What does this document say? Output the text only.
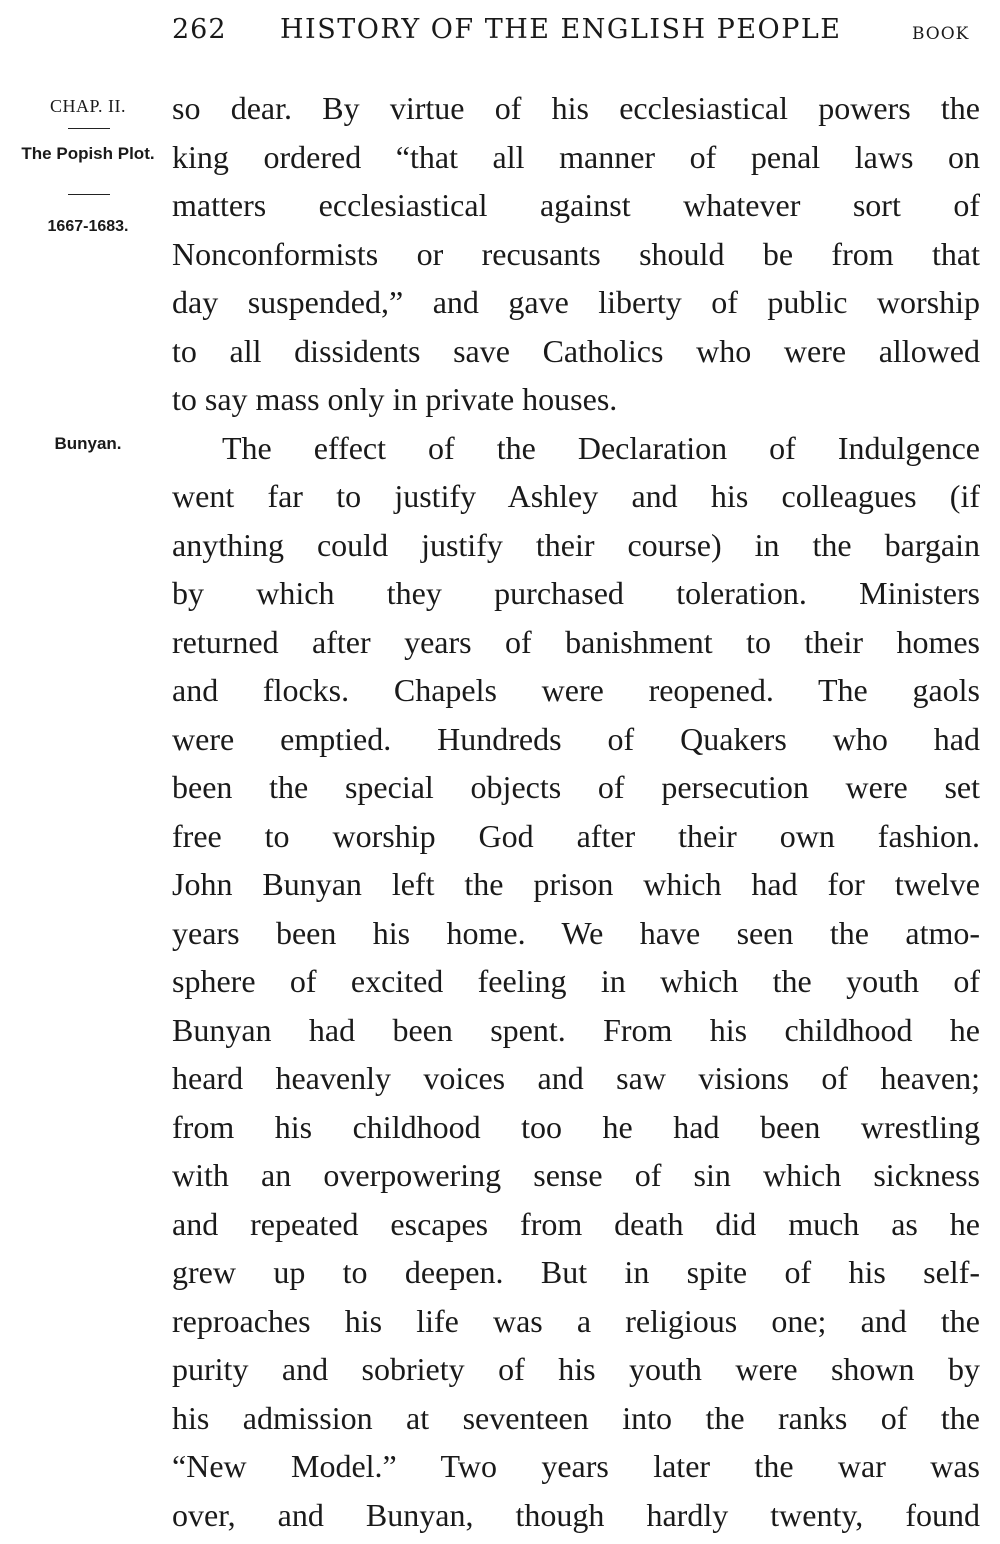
262 HISTORY OF THE ENGLISH PEOPLE	BOOK
CHAP. II.
The Popish Plot.
1667-1683.
Bunyan.
so dear. By virtue of his ecclesiastical powers the
king ordered “that all manner of penal laws on
matters ecclesiastical against whatever sort of
Nonconformists or recusants should be from that
day suspended,” and gave liberty of public worship
to all dissidents save Catholics who were allowed
to say mass only in private houses.
The effect of the Declaration of Indulgence
went far to justify Ashley and his colleagues (if
anything could justify their course) in the bargain
by which they purchased toleration. Ministers
returned after years of banishment to their homes
and flocks. Chapels were reopened. The gaols
were emptied. Hundreds of Quakers who had
been the special objects of persecution were set
free to worship God after their own fashion.
John Bunyan left the prison which had for twelve
years been his home. We have seen the atmo-
sphere of excited feeling in which the youth of
Bunyan had been spent. From his childhood he
heard heavenly voices and saw visions of heaven;
from his childhood too he had been wrestling
with an overpowering sense of sin which sickness
and repeated escapes from death did much as he
grew up to deepen. But in spite of his self-
reproaches his life was a religious one; and the
purity and sobriety of his youth were shown by
his admission at seventeen into the ranks of the
“New Model.” Two years later the war was
over, and Bunyan, though hardly twenty, found
